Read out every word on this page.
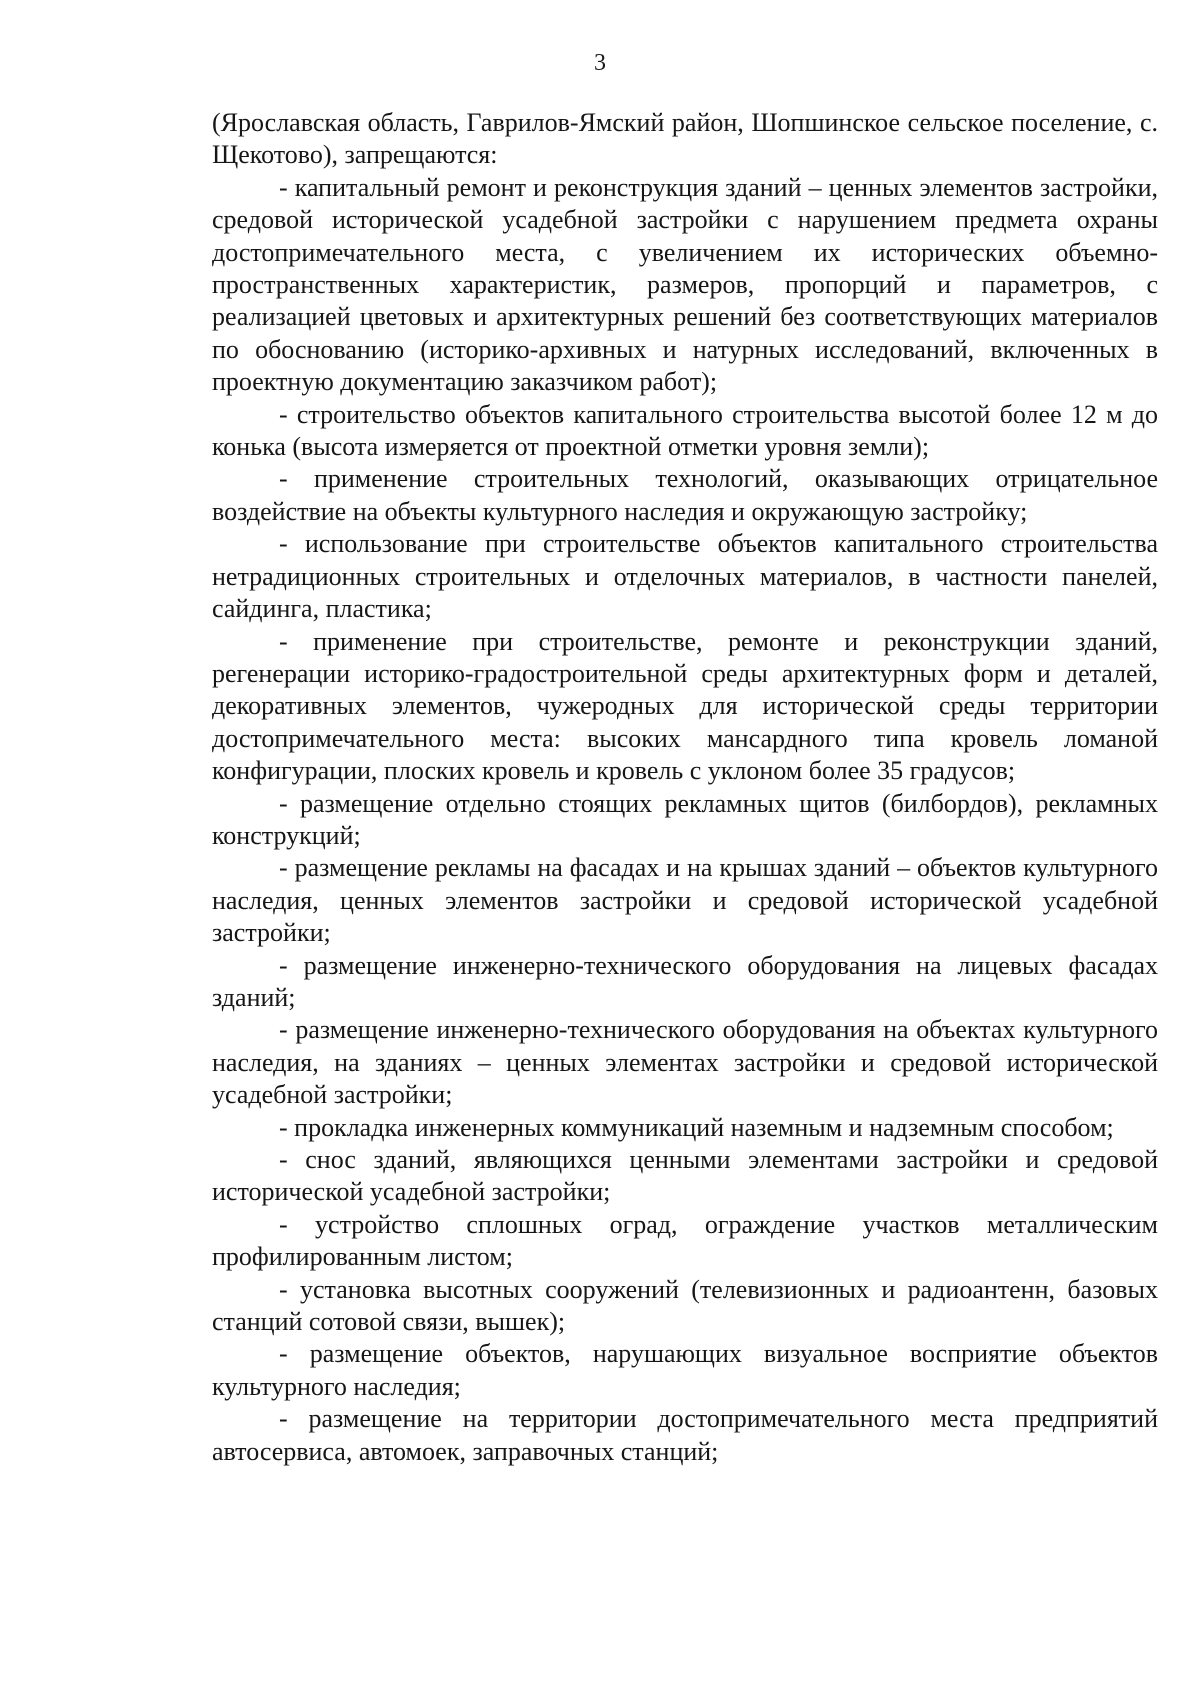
3

(Ярославская область, Гаврилов-Ямский район, Шопшинское сельское поселение, с. Щекотово), запрещаются:

- капитальный ремонт и реконструкция зданий – ценных элементов застройки, средовой исторической усадебной застройки с нарушением предмета охраны достопримечательного места, с увеличением их исторических объемно-пространственных характеристик, размеров, пропорций и параметров, с реализацией цветовых и архитектурных решений без соответствующих материалов по обоснованию (историко-архивных и натурных исследований, включенных в проектную документацию заказчиком работ);

- строительство объектов капитального строительства высотой более 12 м до конька (высота измеряется от проектной отметки уровня земли);

- применение строительных технологий, оказывающих отрицательное воздействие на объекты культурного наследия и окружающую застройку;

- использование при строительстве объектов капитального строительства нетрадиционных строительных и отделочных материалов, в частности панелей, сайдинга, пластика;

- применение при строительстве, ремонте и реконструкции зданий, регенерации историко-градостроительной среды архитектурных форм и деталей, декоративных элементов, чужеродных для исторической среды территории достопримечательного места: высоких мансардного типа кровель ломаной конфигурации, плоских кровель и кровель с уклоном более 35 градусов;

- размещение отдельно стоящих рекламных щитов (билбордов), рекламных конструкций;

- размещение рекламы на фасадах и на крышах зданий – объектов культурного наследия, ценных элементов застройки и средовой исторической усадебной застройки;

- размещение инженерно-технического оборудования на лицевых фасадах зданий;

- размещение инженерно-технического оборудования на объектах культурного наследия, на зданиях – ценных элементах застройки и средовой исторической усадебной застройки;

- прокладка инженерных коммуникаций наземным и надземным способом;

- снос зданий, являющихся ценными элементами застройки и средовой исторической усадебной застройки;

- устройство сплошных оград, ограждение участков металлическим профилированным листом;

- установка высотных сооружений (телевизионных и радиоантенн, базовых станций сотовой связи, вышек);

- размещение объектов, нарушающих визуальное восприятие объектов культурного наследия;

- размещение на территории достопримечательного места предприятий автосервиса, автомоек, заправочных станций;
